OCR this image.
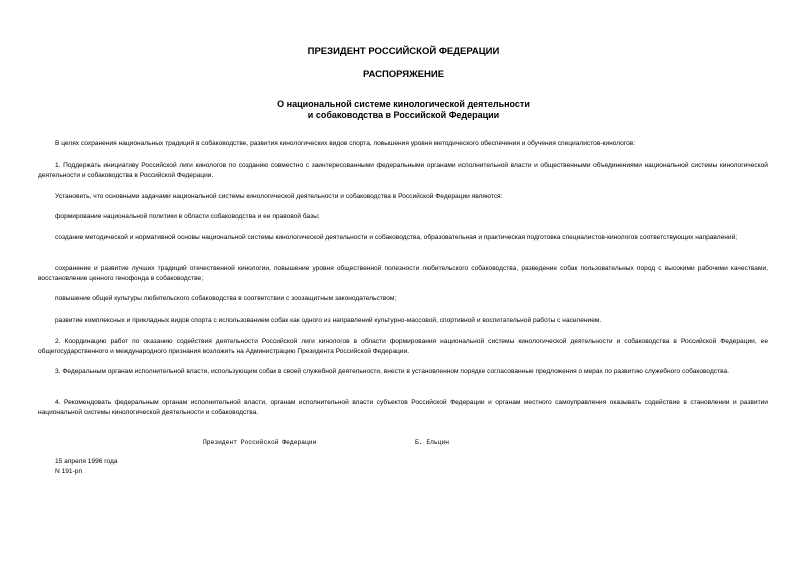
ПРЕЗИДЕНТ РОССИЙСКОЙ ФЕДЕРАЦИИ
РАСПОРЯЖЕНИЕ
О национальной системе кинологической деятельности
и собаководства в Российской Федерации

В целях сохранения национальных традиций в собаководстве, развития кинологических видов спорта, повышения уровня методического обеспечения и обучения специалистов-кинологов:

1. Поддержать инициативу Российской лиги кинологов по созданию совместно с заинтересованными федеральными органами исполнительной власти и общественными объединениями национальной системы кинологической деятельности и собаководства в Российской Федерации.

Установить, что основными задачами национальной системы кинологической деятельности и собаководства в Российской Федерации являются:

формирование национальной политики в области собаководства и ее правовой базы;

создание методической и нормативной основы национальной системы кинологической деятельности и собаководства, образовательная и практическая подготовка специалистов-кинологов соответствующих направлений;

сохранение и развитие лучших традиций отечественной кинологии, повышение уровня общественной полезности любительского собаководства, разведение собак пользовательных пород с высокими рабочими качествами, восстановление ценного генофонда в собаководстве;

повышение общей культуры любительского собаководства в соответствии с зоозащитным законодательством;

развитие комплексных и прикладных видов спорта с использованием собак как одного из направлений культурно-массовой, спортивной и воспитательной работы с населением.

2. Координацию работ по оказанию содействия деятельности Российской лиги кинологов в области формирования национальной системы кинологической деятельности и собаководства в Российской Федерации, ее общегосударственного и международного признания возложить на Администрацию Президента Российской Федерации.

3. Федеральным органам исполнительной власти, использующим собак в своей служебной деятельности, внести в установленном порядке согласованные предложения о мерах по развитию служебного собаководства.

4. Рекомендовать федеральным органам исполнительной власти, органам исполнительной власти субъектов Российской Федерации и органам местного самоуправления оказывать содействие в становлении и развитии национальной системы кинологической деятельности и собаководства.

Президент Российской Федерации	Б. Ельцин
15 апреля 1996 года
N 191-рп
